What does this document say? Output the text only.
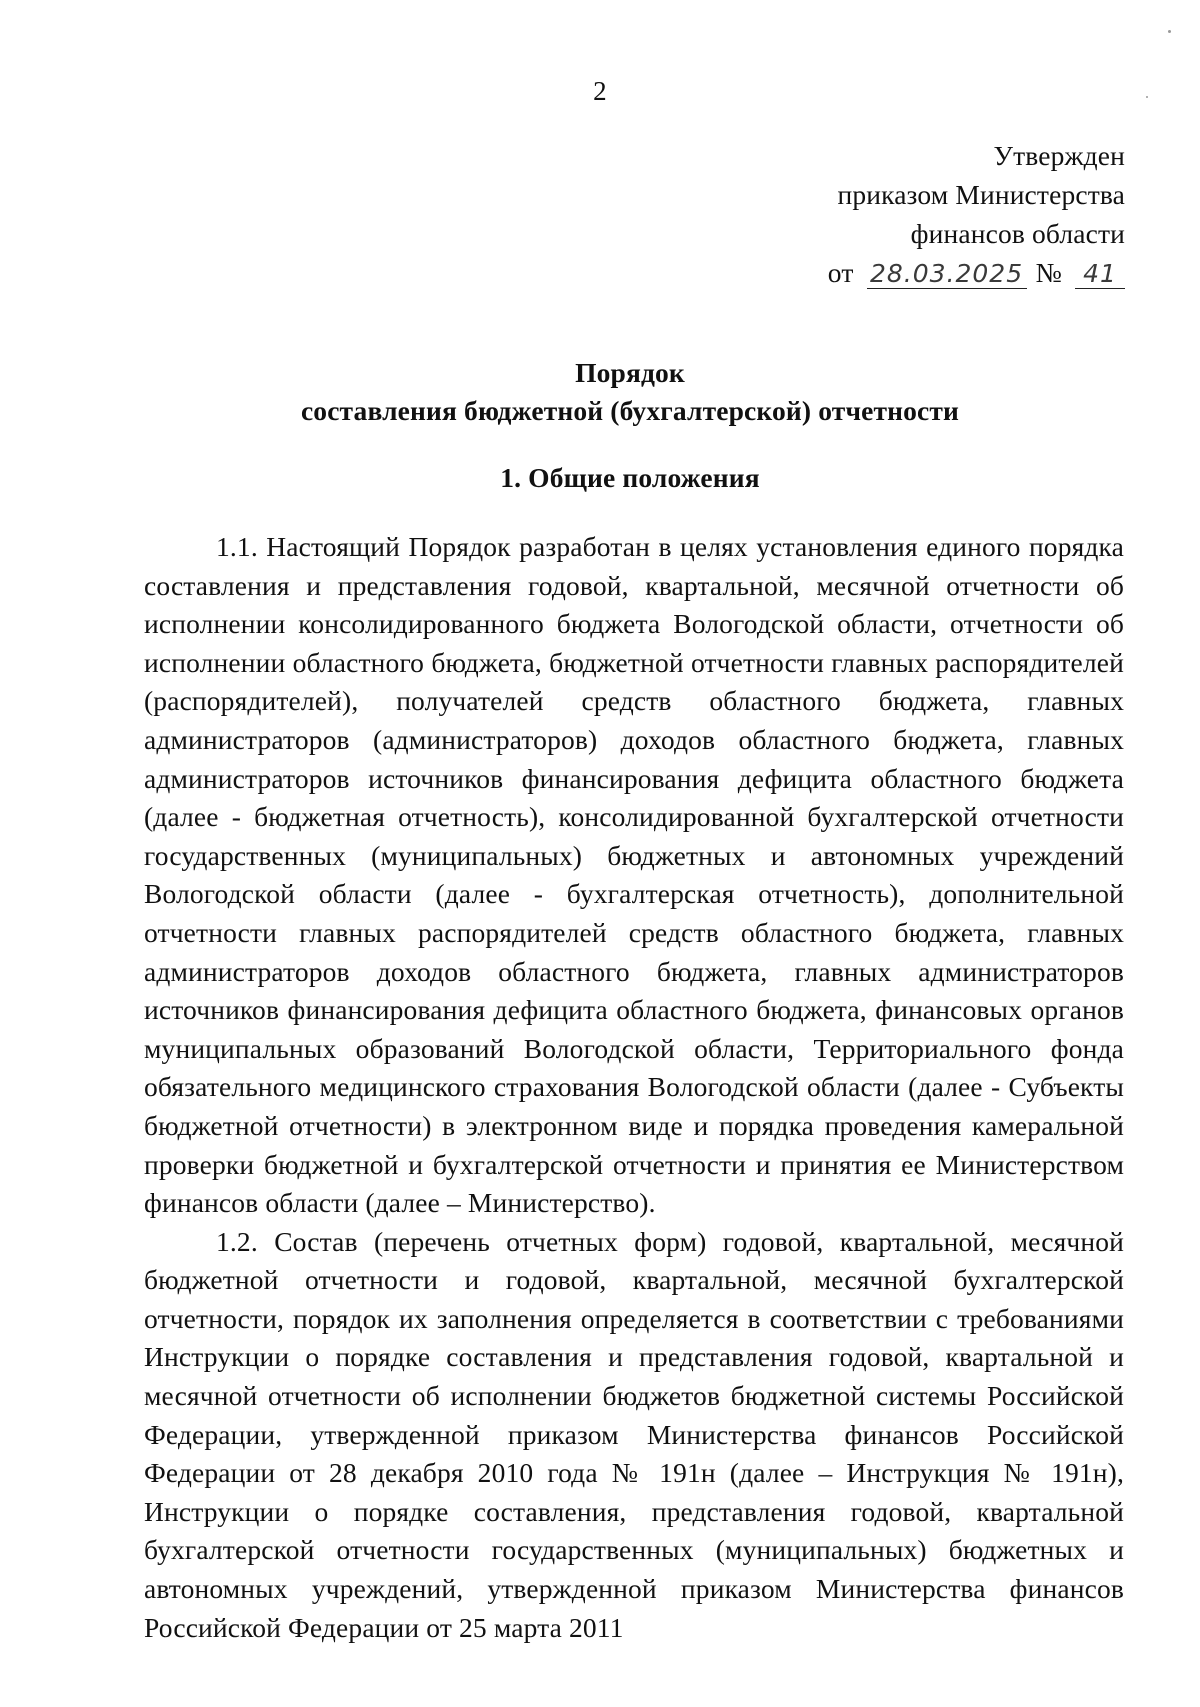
2
Утвержден
приказом Министерства
финансов области
от 28.03.2025 № 41
Порядок
составления бюджетной (бухгалтерской) отчетности
1. Общие положения

1.1. Настоящий Порядок разработан в целях установления единого порядка составления и представления годовой, квартальной, месячной отчетности об исполнении консолидированного бюджета Вологодской области, отчетности об исполнении областного бюджета, бюджетной отчетности главных распорядителей (распорядителей), получателей средств областного бюджета, главных администраторов (администраторов) доходов областного бюджета, главных администраторов источников финансирования дефицита областного бюджета (далее - бюджетная отчетность), консолидированной бухгалтерской отчетности государственных (муниципальных) бюджетных и автономных учреждений Вологодской области (далее - бухгалтерская отчетность), дополнительной отчетности главных распорядителей средств областного бюджета, главных администраторов доходов областного бюджета, главных администраторов источников финансирования дефицита областного бюджета, финансовых органов муниципальных образований Вологодской области, Территориального фонда обязательного медицинского страхования Вологодской области (далее - Субъекты бюджетной отчетности) в электронном виде и порядка проведения камеральной проверки бюджетной и бухгалтерской отчетности и принятия ее Министерством финансов области (далее – Министерство).

1.2. Состав (перечень отчетных форм) годовой, квартальной, месячной бюджетной отчетности и годовой, квартальной, месячной бухгалтерской отчетности, порядок их заполнения определяется в соответствии с требованиями Инструкции о порядке составления и представления годовой, квартальной и месячной отчетности об исполнении бюджетов бюджетной системы Российской Федерации, утвержденной приказом Министерства финансов Российской Федерации от 28 декабря 2010 года № 191н (далее – Инструкция № 191н), Инструкции о порядке составления, представления годовой, квартальной бухгалтерской отчетности государственных (муниципальных) бюджетных и автономных учреждений, утвержденной приказом Министерства финансов Российской Федерации от 25 марта 2011
